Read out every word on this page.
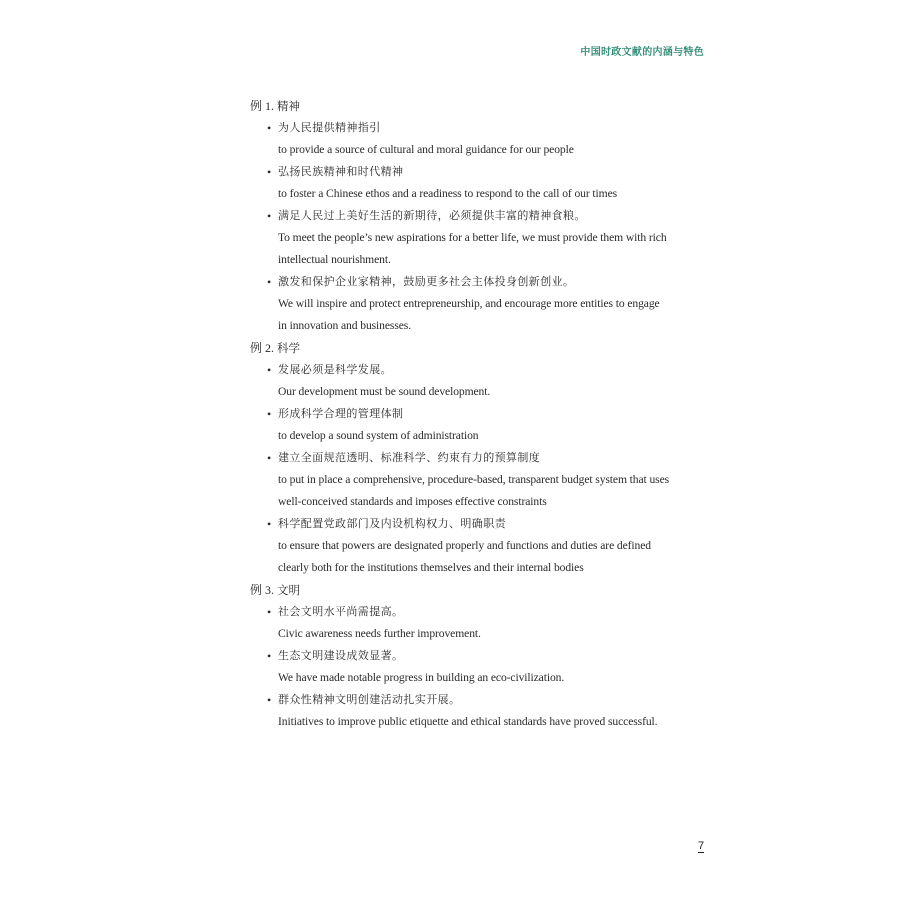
中国时政文献的内涵与特色
例 1. 精神
• 为人民提供精神指引
to provide a source of cultural and moral guidance for our people
• 弘扬民族精神和时代精神
to foster a Chinese ethos and a readiness to respond to the call of our times
• 满足人民过上美好生活的新期待，必须提供丰富的精神食粮。
To meet the people’s new aspirations for a better life, we must provide them with rich intellectual nourishment.
• 激发和保护企业家精神，鼓励更多社会主体投身创新创业。
We will inspire and protect entrepreneurship, and encourage more entities to engage in innovation and businesses.
例 2. 科学
• 发展必须是科学发展。
Our development must be sound development.
• 形成科学合理的管理体制
to develop a sound system of administration
• 建立全面规范透明、标准科学、约束有力的预算制度
to put in place a comprehensive, procedure-based, transparent budget system that uses well-conceived standards and imposes effective constraints
• 科学配置党政部门及内设机构权力、明确职责
to ensure that powers are designated properly and functions and duties are defined clearly both for the institutions themselves and their internal bodies
例 3. 文明
• 社会文明水平尚需提高。
Civic awareness needs further improvement.
• 生态文明建设成效显著。
We have made notable progress in building an eco-civilization.
• 群众性精神文明创建活动扎实开展。
Initiatives to improve public etiquette and ethical standards have proved successful.
7
